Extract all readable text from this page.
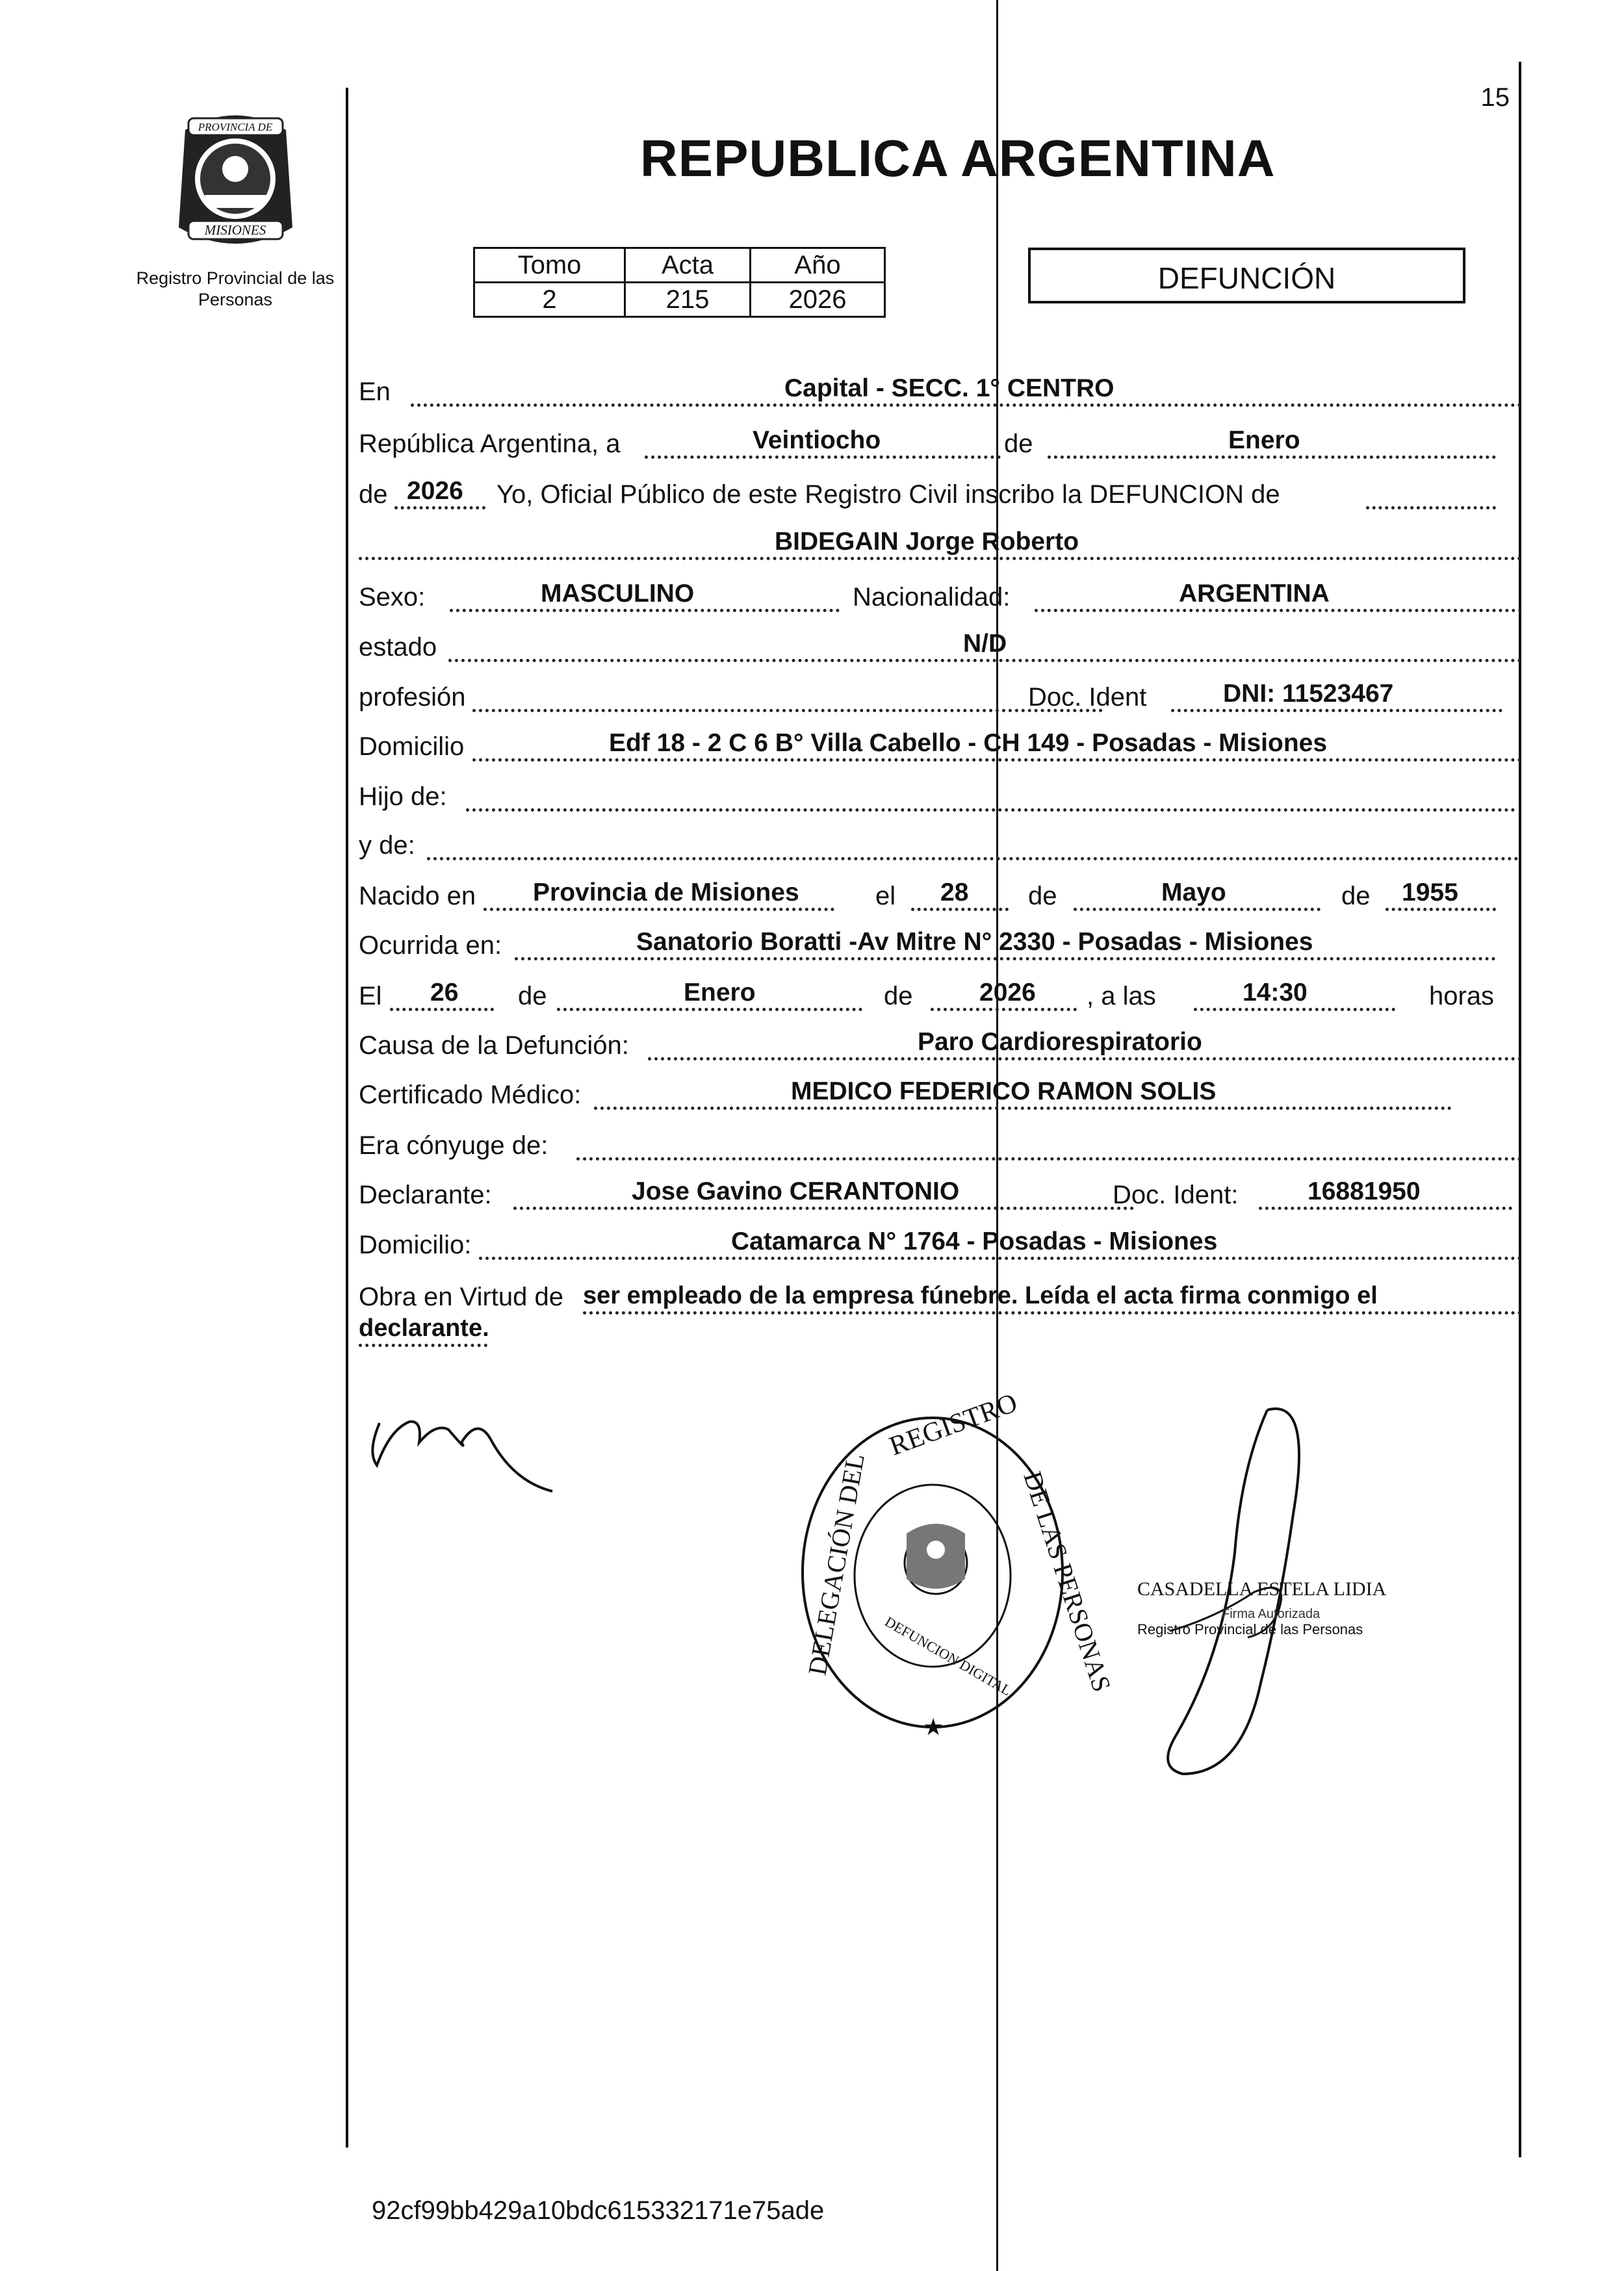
15
PROVINCIA DE
MISIONES
Registro Provincial de las Personas
REPUBLICA ARGENTINA
Tomo	Acta	Año
2	215	2026
DEFUNCIÓN
En	Capital - SECC. 1° CENTRO
República Argentina, a	Veintiocho	de	Enero
de 2026 Yo, Oficial Público de este Registro Civil inscribo la DEFUNCION de
BIDEGAIN Jorge Roberto
Sexo:	MASCULINO	Nacionalidad:	ARGENTINA
estado	N/D
profesión	Doc. Ident	DNI: 11523467
Domicilio	Edf 18 - 2 C 6 B° Villa Cabello - CH 149 - Posadas - Misiones
Hijo de:
y de:
Nacido en Provincia de Misiones	el 28 de	Mayo	de 1955
Ocurrida en:	Sanatorio Boratti -Av Mitre N° 2330 - Posadas - Misiones
El 26 de	Enero	de	2026 , a las	14:30	horas
Causa de la Defunción:	Paro Cardiorespiratorio
Certificado Médico:	MEDICO FEDERICO RAMON SOLIS
Era cónyuge de:
Declarante:	Jose Gavino CERANTONIO	Doc. Ident:	16881950
Domicilio:	Catamarca N° 1764 - Posadas - Misiones
Obra en Virtud de ser empleado de la empresa fúnebre. Leída el acta firma conmigo el
declarante.
REGISTRO
DELEGACIÓN DEL	DE LAS PERSONAS
DEFUNCION DIGITAL
★
CASADELLA ESTELA LIDIA
Firma Autorizada
Registro Provincial de las Personas
92cf99bb429a10bdc615332171e75ade
